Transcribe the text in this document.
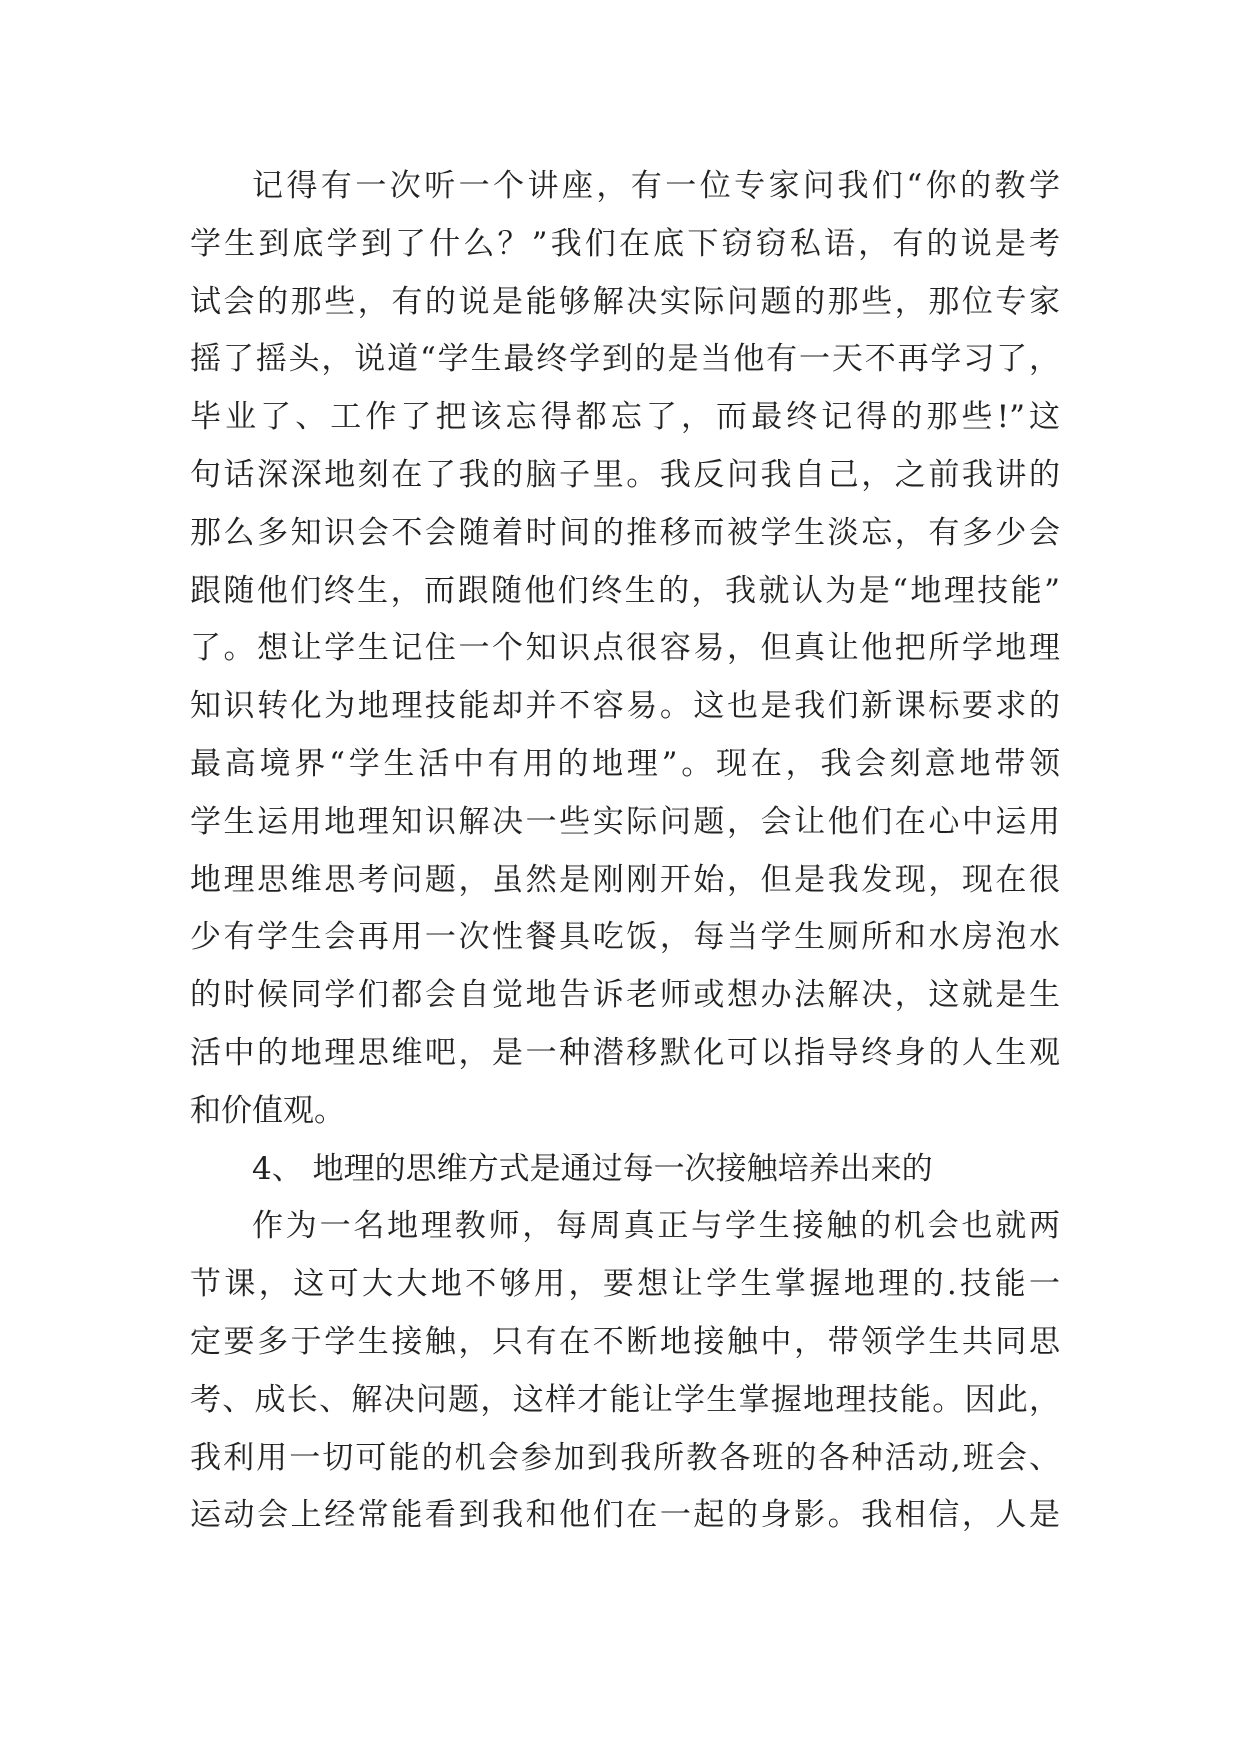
记得有一次听一个讲座，有一位专家问我们“你的教学
学生到底学到了什么？”我们在底下窃窃私语，有的说是考
试会的那些，有的说是能够解决实际问题的那些，那位专家
摇了摇头，说道“学生最终学到的是当他有一天不再学习了，
毕业了、工作了把该忘得都忘了，而最终记得的那些!”这
句话深深地刻在了我的脑子里。我反问我自己，之前我讲的
那么多知识会不会随着时间的推移而被学生淡忘，有多少会
跟随他们终生，而跟随他们终生的，我就认为是“地理技能”
了。想让学生记住一个知识点很容易，但真让他把所学地理
知识转化为地理技能却并不容易。这也是我们新课标要求的
最高境界“学生活中有用的地理”。现在，我会刻意地带领
学生运用地理知识解决一些实际问题，会让他们在心中运用
地理思维思考问题，虽然是刚刚开始，但是我发现，现在很
少有学生会再用一次性餐具吃饭，每当学生厕所和水房泡水
的时候同学们都会自觉地告诉老师或想办法解决，这就是生
活中的地理思维吧，是一种潜移默化可以指导终身的人生观
和价值观。
4、 地理的思维方式是通过每一次接触培养出来的
作为一名地理教师，每周真正与学生接触的机会也就两
节课，这可大大地不够用，要想让学生掌握地理的.技能一
定要多于学生接触，只有在不断地接触中，带领学生共同思
考、成长、解决问题，这样才能让学生掌握地理技能。因此，
我利用一切可能的机会参加到我所教各班的各种活动,班会、
运动会上经常能看到我和他们在一起的身影。我相信，人是
